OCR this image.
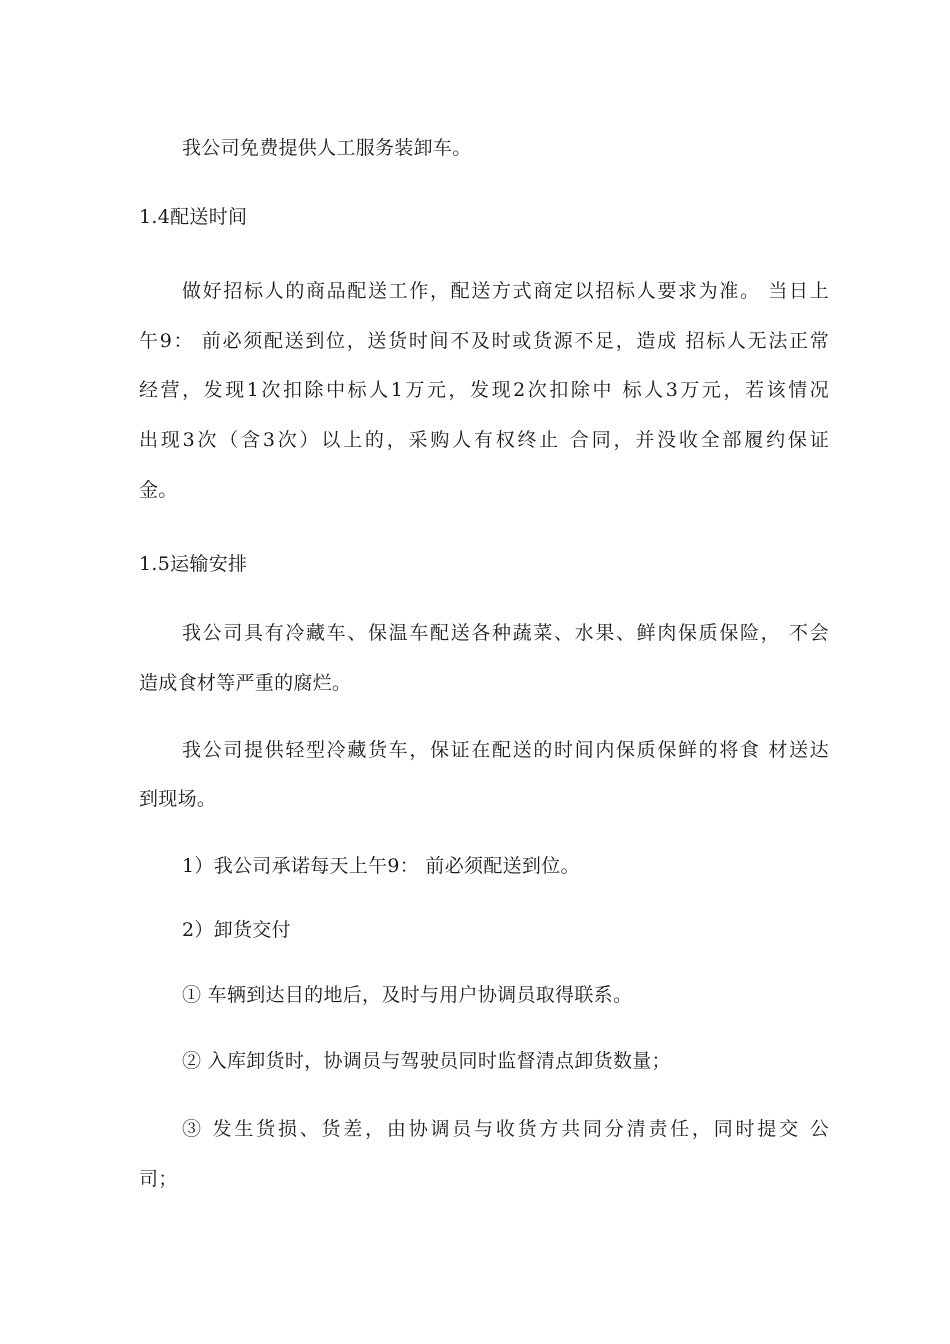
我公司免费提供人工服务装卸车。
1.4配送时间
做好招标人的商品配送工作，配送方式商定以招标人要求为准。 当日上
午9： 前必须配送到位，送货时间不及时或货源不足，造成 招标人无法正常
经营，发现1次扣除中标人1万元，发现2次扣除中 标人3万元，若该情况
出现3次（含3次）以上的，采购人有权终止 合同，并没收全部履约保证
金。
1.5运输安排
我公司具有冷藏车、保温车配送各种蔬菜、水果、鲜肉保质保险， 不会
造成食材等严重的腐烂。
我公司提供轻型冷藏货车，保证在配送的时间内保质保鲜的将食 材送达
到现场。
1）我公司承诺每天上午9： 前必须配送到位。
2）卸货交付
① 车辆到达目的地后，及时与用户协调员取得联系。
② 入库卸货时，协调员与驾驶员同时监督清点卸货数量；
③ 发生货损、货差，由协调员与收货方共同分清责任，同时提交 公
司；
